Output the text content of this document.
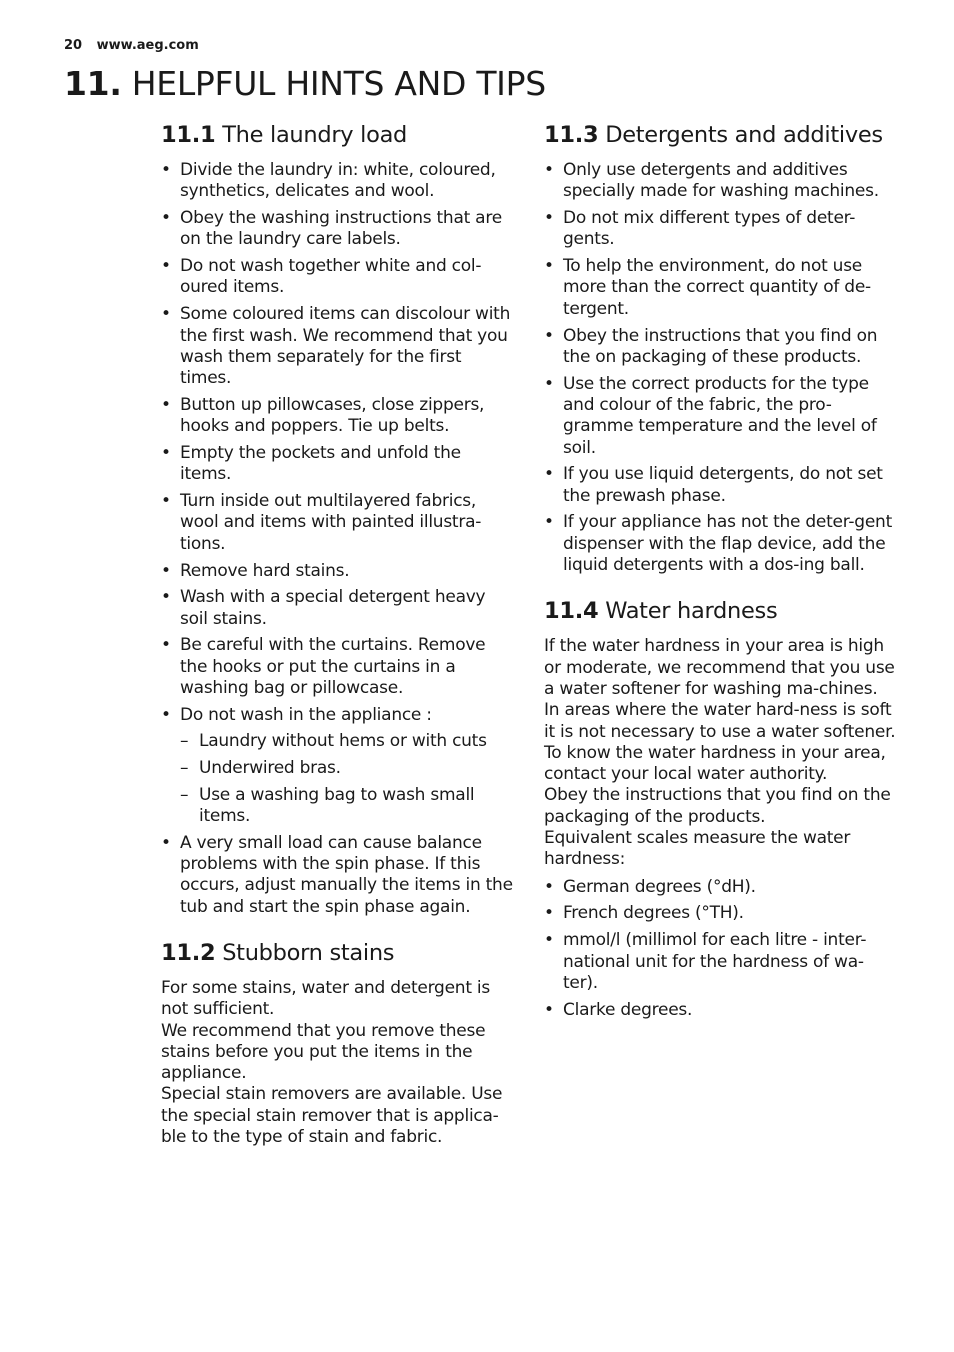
20 www.aeg.com
11. HELPFUL HINTS AND TIPS
11.1 The laundry load
• Divide the laundry in: white, coloured, synthetics, delicates and wool.
• Obey the washing instructions that are on the laundry care labels.
• Do not wash together white and col-oured items.
• Some coloured items can discolour with the first wash. We recommend that you wash them separately for the first times.
• Button up pillowcases, close zippers, hooks and poppers. Tie up belts.
• Empty the pockets and unfold the items.
• Turn inside out multilayered fabrics, wool and items with painted illustra-tions.
• Remove hard stains.
• Wash with a special detergent heavy soil stains.
• Be careful with the curtains. Remove the hooks or put the curtains in a washing bag or pillowcase.
• Do not wash in the appliance :
– Laundry without hems or with cuts
– Underwired bras.
– Use a washing bag to wash small items.
• A very small load can cause balance problems with the spin phase. If this occurs, adjust manually the items in the tub and start the spin phase again.
11.2 Stubborn stains

For some stains, water and detergent is not sufficient.

We recommend that you remove these stains before you put the items in the appliance.

Special stain removers are available. Use the special stain remover that is applica-ble to the type of stain and fabric.

11.3 Detergents and additives
• Only use detergents and additives specially made for washing machines.
• Do not mix different types of deter-gents.
• To help the environment, do not use more than the correct quantity of de-tergent.
• Obey the instructions that you find on the on packaging of these products.
• Use the correct products for the type and colour of the fabric, the pro-gramme temperature and the level of soil.
• If you use liquid detergents, do not set the prewash phase.
• If your appliance has not the deter-gent dispenser with the flap device, add the liquid detergents with a dos-ing ball.
11.4 Water hardness

If the water hardness in your area is high or moderate, we recommend that you use a water softener for washing ma-chines. In areas where the water hard-ness is soft it is not necessary to use a water softener.

To know the water hardness in your area, contact your local water authority.

Obey the instructions that you find on the packaging of the products.

Equivalent scales measure the water hardness:

• German degrees (°dH).
• French degrees (°TH).
• mmol/l (millimol for each litre - inter-national unit for the hardness of wa-ter).
• Clarke degrees.
